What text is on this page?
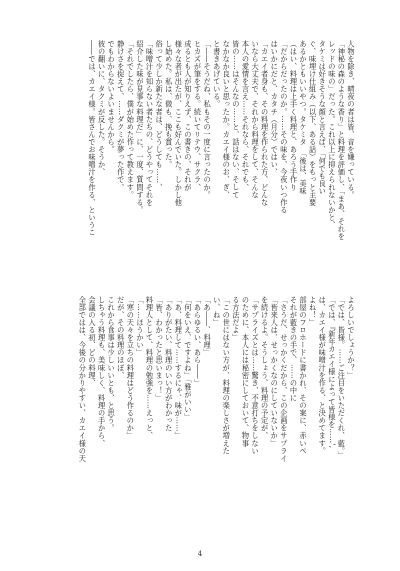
人物を除き、晴夜の者は皆、音を嫌っている。
「神秘の森のような香り」と料理を評価し、「まあ、それを
レッドの味の」だった。これ以上に抑えられないかと、
タケミは好きそうな顔と言えば、「何でも良い
ぐ、味埋け仕組み（以下、ある話）をもっと主要
あるかともいいやつ。タケミタ　「後は、美味
（はい、料理は上手く料理と、あろう手作り
「だからだったのか。……その味を、今夜いつ作る
はいかにだと、カタチ（月分）ではい、
「カエイ者身も、その料理を作られた方、どんな
いなら大丈夫で、それから料理をして、そんな
本人の愛情を言え……それなら、それでも、
皆の……はそんなの……と、話はない、そして
なかなか良いと思ったか。カエイ様のお、ぎ、
と書きあげている。
「――そうだね、私もその一度に言ったのか。
ヒカズが筆をする。続いてリテウ、サクラ、
成るとも人が知りえず、この書きの、それが
様々な者が出たが、ここも好んでいた。しかし他
し始めた。私は、微も、挽も賞った。
俗って少しか新たな者は、どうしても……、
「味噌汁を知らない者たちの、どうやってそれを
紹介した味が見事な料理だ」に、一度、質問する。
「それでしたら、僕が始めた作って教えます。
静けさを捉えて、……ダクミが夢った作で、
でもわからないよいませんから。
彼の翻いに、タクミが反した。そうか、
――では、カエイ様。皆さんでお味噌汁を作る、というこ
よろしいでしょうか？」
「では、皆様。……ご注目をいただくれ、藍。」
「では、『新年カエイ様によって皆様を……',
は、カエイ様が味噌汁を作る、と決めてます。
よね！」
部屋のフロホードに書かれ、その案に、赤いペ
それが藍きの手で、……の中に
「さうだ、せっかくだから、この企画をサプライ
「皆来人は、せっかくなのにしていないか」
を続けるよ。そうしょう、料理の予定が、
「サプライズとは……驚き、不意打ちをしない
のために、本人には秘密にしておいて、物事
る方法だよ」
「この世にはない方が、料理の楽しさが増えた
い、ね」
「あ――、料理」
「あらゆるい、あら――」
「何をいえ、ですよね」「雅がいい」
「あ、料理して……するにゃ、味が……」
「ありがたい、料理のいい方がわかった
「皆、わかったと思いまっ！」
料理人として、料理の勉強を……えっと、
「……ほうかい」
「寒の天々を立ちの料理はどう作るのか」
だが、その料理のほぼ、
これから食事は少しいいとも、と思う。
しちゃう料理も、美味しく、料理の手から、
会議の入る初、どの料理、
全部ではは、今後の分かりやすい、カエイ様の天
4
